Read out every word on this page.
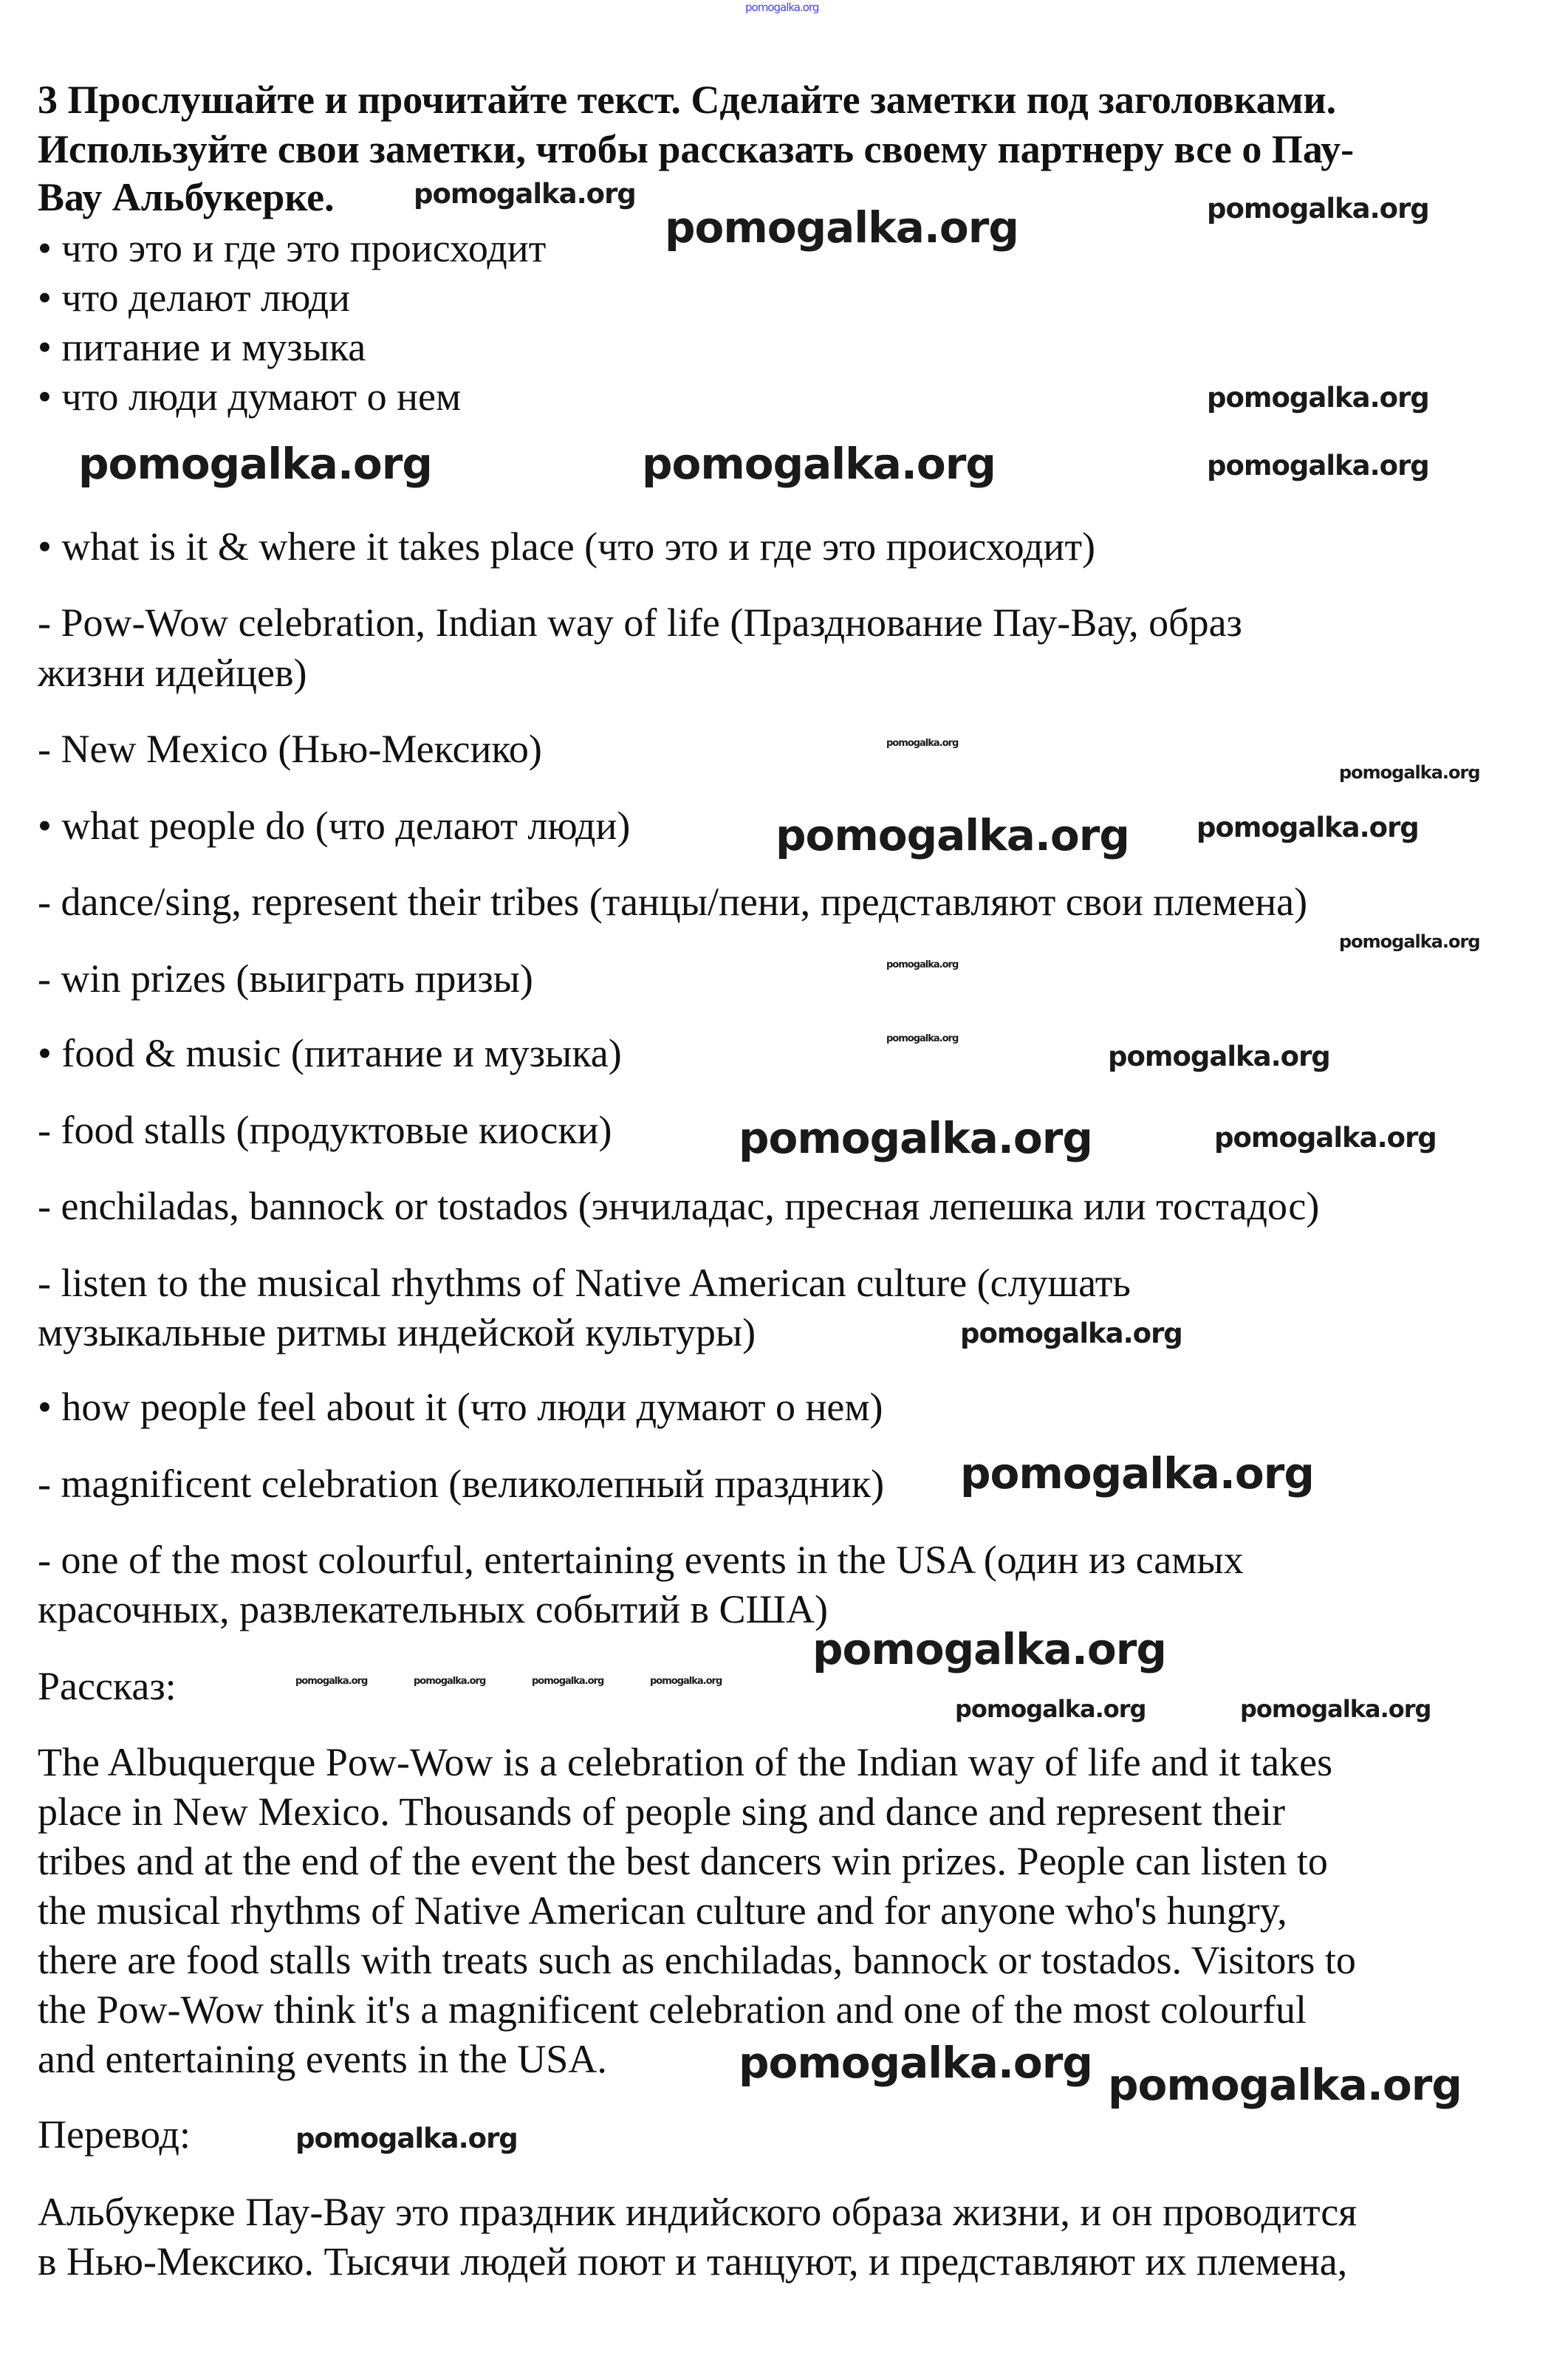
3 Прослушайте и прочитайте текст. Сделайте заметки под заголовками.
Используйте свои заметки, чтобы рассказать своему партнеру все о Пау-
Вау Альбукерке.
• что это и где это происходит
• что делают люди
• питание и музыка
• что люди думают о нем
• what is it & where it takes place (что это и где это происходит)
- Pow-Wow celebration, Indian way of life (Празднование Пау-Вау, образ
жизни идейцев)
- New Mexico (Нью-Мексико)
• what people do (что делают люди)
- dance/sing, represent their tribes (танцы/пени, представляют свои племена)
- win prizes (выиграть призы)
• food & music (питание и музыка)
- food stalls (продуктовые киоски)
- enchiladas, bannock or tostados (энчиладас, пресная лепешка или тостадос)
- listen to the musical rhythms of Native American culture (слушать
музыкальные ритмы индейской культуры)
• how people feel about it (что люди думают о нем)
- magnificent celebration (великолепный праздник)
- one of the most colourful, entertaining events in the USA (один из самых
красочных, развлекательных событий в США)
Рассказ:
The Albuquerque Pow-Wow is a celebration of the Indian way of life and it takes
place in New Mexico. Thousands of people sing and dance and represent their
tribes and at the end of the event the best dancers win prizes. People can listen to
the musical rhythms of Native American culture and for anyone who's hungry,
there are food stalls with treats such as enchiladas, bannock or tostados. Visitors to
the Pow-Wow think it's a magnificent celebration and one of the most colourful
and entertaining events in the USA.
Перевод:
Альбукерке Пау-Вау это праздник индийского образа жизни, и он проводится
в Нью-Мексико. Тысячи людей поют и танцуют, и представляют их племена,
pomogalka.org
pomogalka.org
pomogalka.org
pomogalka.org
pomogalka.org
pomogalka.org
pomogalka.org
pomogalka.org
pomogalka.org pomogalka.org
pomogalka.org
pomogalka.org
pomogalka.org
pomogalka.org
pomogalka.org
pomogalka.org
pomogalka.org
pomogalka.org	pomogalka.org
pomogalka.org
pomogalka.org
pomogalka.org
pomogalka.org
pomogalka.org
pomogalka.org
pomogalka.org
pomogalka.org	pomogalka.org	pomogalka.org	pomogalka.org
